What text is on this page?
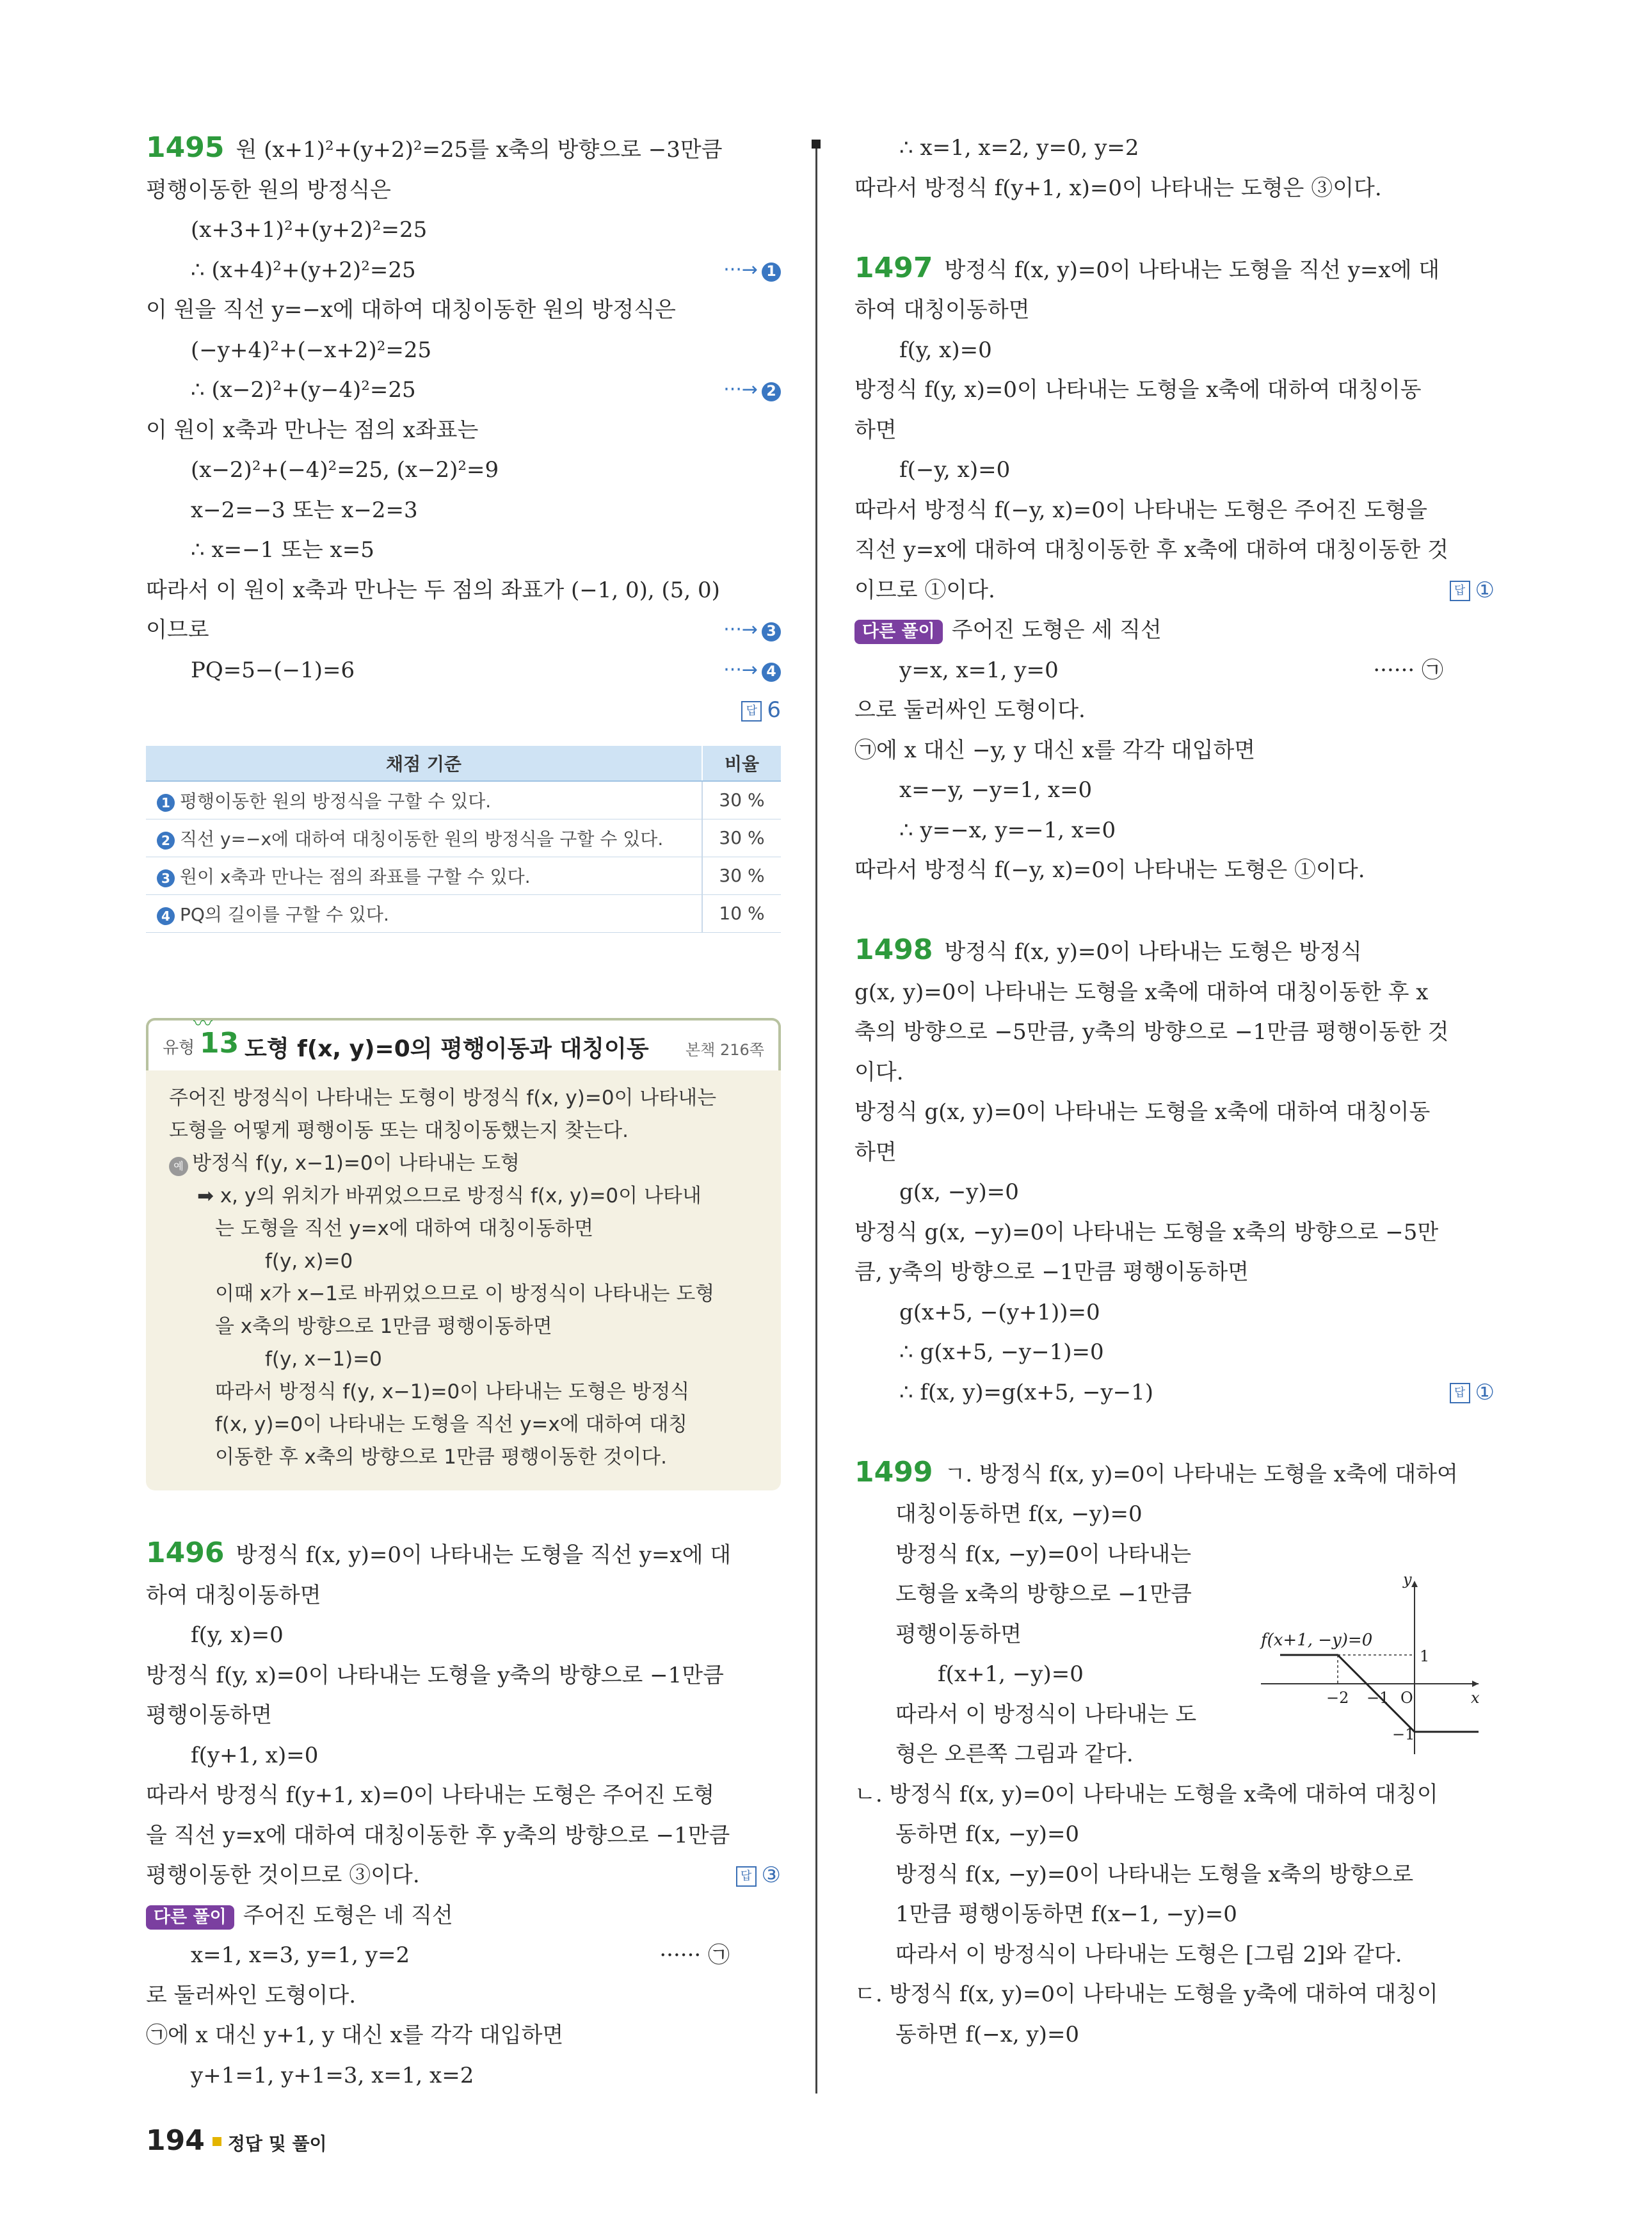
1495 원 (x+1)²+(y+2)²=25를 x축의 방향으로 −3만큼
평행이동한 원의 방정식은
(x+3+1)²+(y+2)²=25
∴ (x+4)²+(y+2)²=25	···→ 1
이 원을 직선 y=−x에 대하여 대칭이동한 원의 방정식은
(−y+4)²+(−x+2)²=25
∴ (x−2)²+(y−4)²=25	···→ 2
이 원이 x축과 만나는 점의 x좌표는
(x−2)²+(−4)²=25, (x−2)²=9
x−2=−3 또는 x−2=3
∴ x=−1 또는 x=5
따라서 이 원이 x축과 만나는 두 점의 좌표가 (−1, 0), (5, 0)
이므로	···→ 3
PQ=5−(−1)=6	···→ 4
답 6

채점 기준	비율
1 평행이동한 원의 방정식을 구할 수 있다.	30 %
2 직선 y=−x에 대하여 대칭이동한 원의 방정식을 구할 수 있다.	30 %
3 원이 x축과 만나는 점의 좌표를 구할 수 있다.	30 %
4 PQ의 길이를 구할 수 있다.	10 %
〰
유형 13 도형 f(x, y)=0의 평행이동과 대칭이동 본책 216쪽
주어진 방정식이 나타내는 도형이 방정식 f(x, y)=0이 나타내는
도형을 어떻게 평행이동 또는 대칭이동했는지 찾는다.
예 방정식 f(y, x−1)=0이 나타내는 도형
➡ x, y의 위치가 바뀌었으므로 방정식 f(x, y)=0이 나타내
는 도형을 직선 y=x에 대하여 대칭이동하면
f(y, x)=0
이때 x가 x−1로 바뀌었으므로 이 방정식이 나타내는 도형
을 x축의 방향으로 1만큼 평행이동하면
f(y, x−1)=0
따라서 방정식 f(y, x−1)=0이 나타내는 도형은 방정식
f(x, y)=0이 나타내는 도형을 직선 y=x에 대하여 대칭
이동한 후 x축의 방향으로 1만큼 평행이동한 것이다.
1496 방정식 f(x, y)=0이 나타내는 도형을 직선 y=x에 대
하여 대칭이동하면
f(y, x)=0
방정식 f(y, x)=0이 나타내는 도형을 y축의 방향으로 −1만큼
평행이동하면
f(y+1, x)=0
따라서 방정식 f(y+1, x)=0이 나타내는 도형은 주어진 도형
을 직선 y=x에 대하여 대칭이동한 후 y축의 방향으로 −1만큼
평행이동한 것이므로 ③이다.	답 ③
다른 풀이 주어진 도형은 네 직선
x=1, x=3, y=1, y=2	······ ㉠
로 둘러싸인 도형이다.
㉠에 x 대신 y+1, y 대신 x를 각각 대입하면
y+1=1, y+1=3, x=1, x=2
∴ x=1, x=2, y=0, y=2
따라서 방정식 f(y+1, x)=0이 나타내는 도형은 ③이다.

1497 방정식 f(x, y)=0이 나타내는 도형을 직선 y=x에 대
하여 대칭이동하면
f(y, x)=0
방정식 f(y, x)=0이 나타내는 도형을 x축에 대하여 대칭이동
하면
f(−y, x)=0
따라서 방정식 f(−y, x)=0이 나타내는 도형은 주어진 도형을
직선 y=x에 대하여 대칭이동한 후 x축에 대하여 대칭이동한 것
이므로 ①이다.	답 ①
다른 풀이 주어진 도형은 세 직선
y=x, x=1, y=0	······ ㉠
으로 둘러싸인 도형이다.
㉠에 x 대신 −y, y 대신 x를 각각 대입하면
x=−y, −y=1, x=0
∴ y=−x, y=−1, x=0
따라서 방정식 f(−y, x)=0이 나타내는 도형은 ①이다.

1498 방정식 f(x, y)=0이 나타내는 도형은 방정식
g(x, y)=0이 나타내는 도형을 x축에 대하여 대칭이동한 후 x
축의 방향으로 −5만큼, y축의 방향으로 −1만큼 평행이동한 것
이다.
방정식 g(x, y)=0이 나타내는 도형을 x축에 대하여 대칭이동
하면
g(x, −y)=0
방정식 g(x, −y)=0이 나타내는 도형을 x축의 방향으로 −5만
큼, y축의 방향으로 −1만큼 평행이동하면
g(x+5, −(y+1))=0
∴ g(x+5, −y−1)=0
∴ f(x, y)=g(x+5, −y−1)	답 ①

1499 ㄱ. 방정식 f(x, y)=0이 나타내는 도형을 x축에 대하여
대칭이동하면 f(x, −y)=0
방정식 f(x, −y)=0이 나타내는
도형을 x축의 방향으로 −1만큼
평행이동하면
f(x+1, −y)=0
따라서 이 방정식이 나타내는 도
형은 오른쪽 그림과 같다.
ㄴ. 방정식 f(x, y)=0이 나타내는 도형을 x축에 대하여 대칭이
동하면 f(x, −y)=0
방정식 f(x, −y)=0이 나타내는 도형을 x축의 방향으로
1만큼 평행이동하면 f(x−1, −y)=0
따라서 이 방정식이 나타내는 도형은 [그림 2]와 같다.
ㄷ. 방정식 f(x, y)=0이 나타내는 도형을 y축에 대하여 대칭이
동하면 f(−x, y)=0
f(x+1, −y)=0
y
x
O
1
−1
−2 −1
194 정답 및 풀이
